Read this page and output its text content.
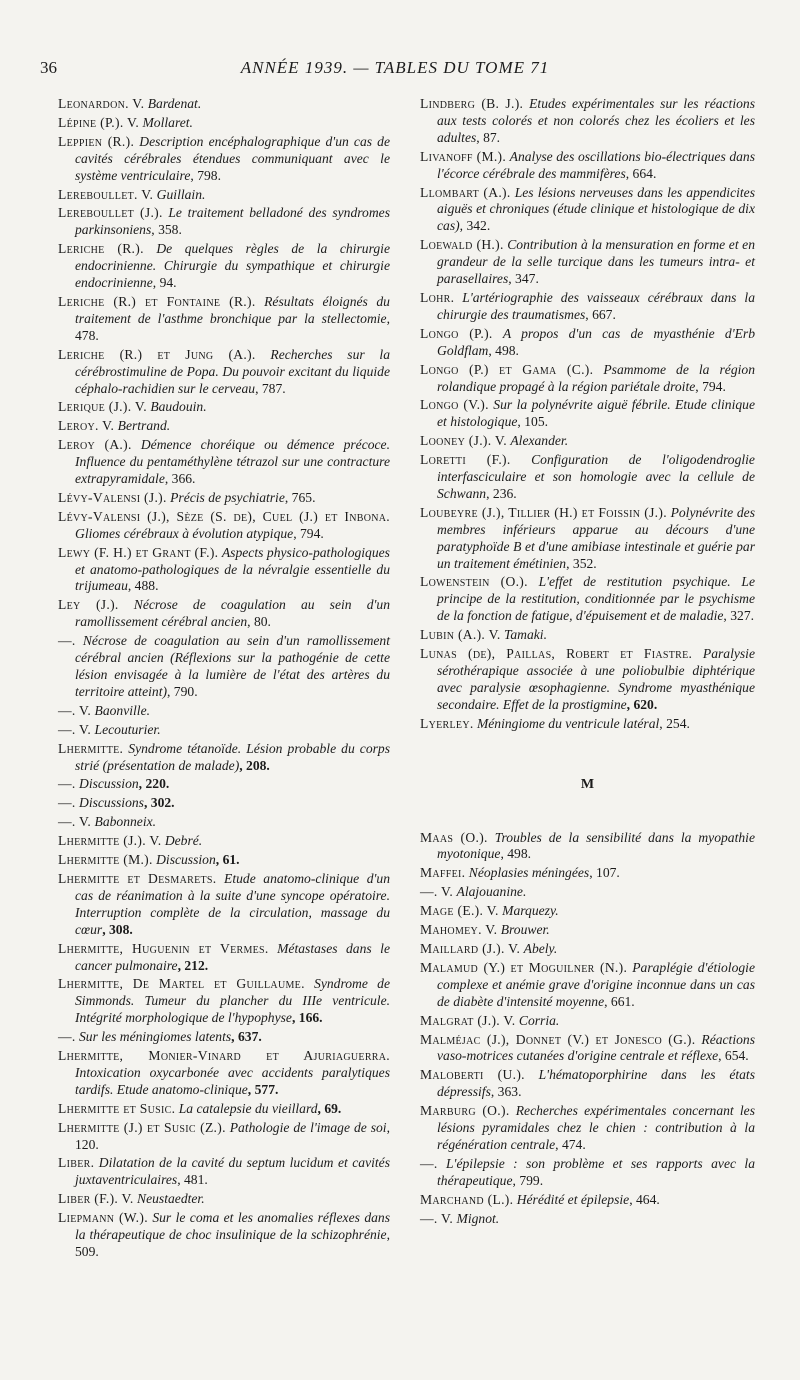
36	ANNÉE 1939. — TABLES DU TOME 71

Leonardon. V. Bardenat.

Lépine (P.). V. Mollaret.

Leppien (R.). Description encéphalographique d'un cas de cavités cérébrales étendues communiquant avec le système ventriculaire, 798.

Lereboullet. V. Guillain.

Lereboullet (J.). Le traitement belladoné des syndromes parkinsoniens, 358.

Leriche (R.). De quelques règles de la chirurgie endocrinienne. Chirurgie du sympathique et chirurgie endocrinienne, 94.

Leriche (R.) et Fontaine (R.). Résultats éloignés du traitement de l'asthme bronchique par la stellectomie, 478.

Leriche (R.) et Jung (A.). Recherches sur la cérébrostimuline de Popa. Du pouvoir excitant du liquide céphalo-rachidien sur le cerveau, 787.

Lerique (J.). V. Baudouin.

Leroy. V. Bertrand.

Leroy (A.). Démence choréique ou démence précoce. Influence du pentaméthylène tétrazol sur une contracture extrapyramidale, 366.

Lévy-Valensi (J.). Précis de psychiatrie, 765.

Lévy-Valensi (J.), Sèze (S. de), Cuel (J.) et Inbona. Gliomes cérébraux à évolution atypique, 794.

Lewy (F. H.) et Grant (F.). Aspects physico-pathologiques et anatomo-pathologiques de la névralgie essentielle du trijumeau, 488.

Ley (J.). Nécrose de coagulation au sein d'un ramollissement cérébral ancien, 80.

—. Nécrose de coagulation au sein d'un ramollissement cérébral ancien (Réflexions sur la pathogénie de cette lésion envisagée à la lumière de l'état des artères du territoire atteint), 790.

—. V. Baonville.

—. V. Lecouturier.

Lhermitte. Syndrome tétanoïde. Lésion probable du corps strié (présentation de malade), 208.

—. Discussion, 220.

—. Discussions, 302.

—. V. Babonneix.

Lhermitte (J.). V. Debré.

Lhermitte (M.). Discussion, 61.

Lhermitte et Desmarets. Etude anatomo-clinique d'un cas de réanimation à la suite d'une syncope opératoire. Interruption complète de la circulation, massage du cœur, 308.

Lhermitte, Huguenin et Vermes. Métastases dans le cancer pulmonaire, 212.

Lhermitte, De Martel et Guillaume. Syndrome de Simmonds. Tumeur du plancher du IIIe ventricule. Intégrité morphologique de l'hypophyse, 166.

—. Sur les méningiomes latents, 637.

Lhermitte, Monier-Vinard et Ajuriaguerra. Intoxication oxycarbonée avec accidents paralytiques tardifs. Etude anatomo-clinique, 577.

Lhermitte et Susic. La catalepsie du vieillard, 69.

Lhermitte (J.) et Susic (Z.). Pathologie de l'image de soi, 120.

Liber. Dilatation de la cavité du septum lucidum et cavités juxtaventriculaires, 481.

Liber (F.). V. Neustaedter.

Liepmann (W.). Sur le coma et les anomalies réflexes dans la thérapeutique de choc insulinique de la schizophrénie, 509.

Lindberg (B. J.). Etudes expérimentales sur les réactions aux tests colorés et non colorés chez les écoliers et les adultes, 87.

Livanoff (M.). Analyse des oscillations bio-électriques dans l'écorce cérébrale des mammifères, 664.

Llombart (A.). Les lésions nerveuses dans les appendicites aiguës et chroniques (étude clinique et histologique de dix cas), 342.

Loewald (H.). Contribution à la mensuration en forme et en grandeur de la selle turcique dans les tumeurs intra- et parasellaires, 347.

Lohr. L'artériographie des vaisseaux cérébraux dans la chirurgie des traumatismes, 667.

Longo (P.). A propos d'un cas de myasthénie d'Erb Goldflam, 498.

Longo (P.) et Gama (C.). Psammome de la région rolandique propagé à la région pariétale droite, 794.

Longo (V.). Sur la polynévrite aiguë fébrile. Etude clinique et histologique, 105.

Looney (J.). V. Alexander.

Loretti (F.). Configuration de l'oligodendroglie interfasciculaire et son homologie avec la cellule de Schwann, 236.

Loubeyre (J.), Tillier (H.) et Foissin (J.). Polynévrite des membres inférieurs apparue au décours d'une paratyphoïde B et d'une amibiase intestinale et guérie par un traitement émétinien, 352.

Lowenstein (O.). L'effet de restitution psychique. Le principe de la restitution, conditionnée par le psychisme de la fonction de fatigue, d'épuisement et de maladie, 327.

Lubin (A.). V. Tamaki.

Lunas (de), Paillas, Robert et Fiastre. Paralysie sérothérapique associée à une poliobulbie diphtérique avec paralysie œsophagienne. Syndrome myasthénique secondaire. Effet de la prostigmine, 620.

Lyerley. Méningiome du ventricule latéral, 254.

M

Maas (O.). Troubles de la sensibilité dans la myopathie myotonique, 498.

Maffei. Néoplasies méningées, 107.

—. V. Alajouanine.

Mage (E.). V. Marquezy.

Mahomey. V. Brouwer.

Maillard (J.). V. Abely.

Malamud (Y.) et Moguilner (N.). Paraplégie d'étiologie complexe et anémie grave d'origine inconnue dans un cas de diabète d'intensité moyenne, 661.

Malgrat (J.). V. Corria.

Malméjac (J.), Donnet (V.) et Jonesco (G.). Réactions vaso-motrices cutanées d'origine centrale et réflexe, 654.

Maloberti (U.). L'hématoporphirine dans les états dépressifs, 363.

Marburg (O.). Recherches expérimentales concernant les lésions pyramidales chez le chien : contribution à la régénération centrale, 474.

—. L'épilepsie : son problème et ses rapports avec la thérapeutique, 799.

Marchand (L.). Hérédité et épilepsie, 464.

—. V. Mignot.
